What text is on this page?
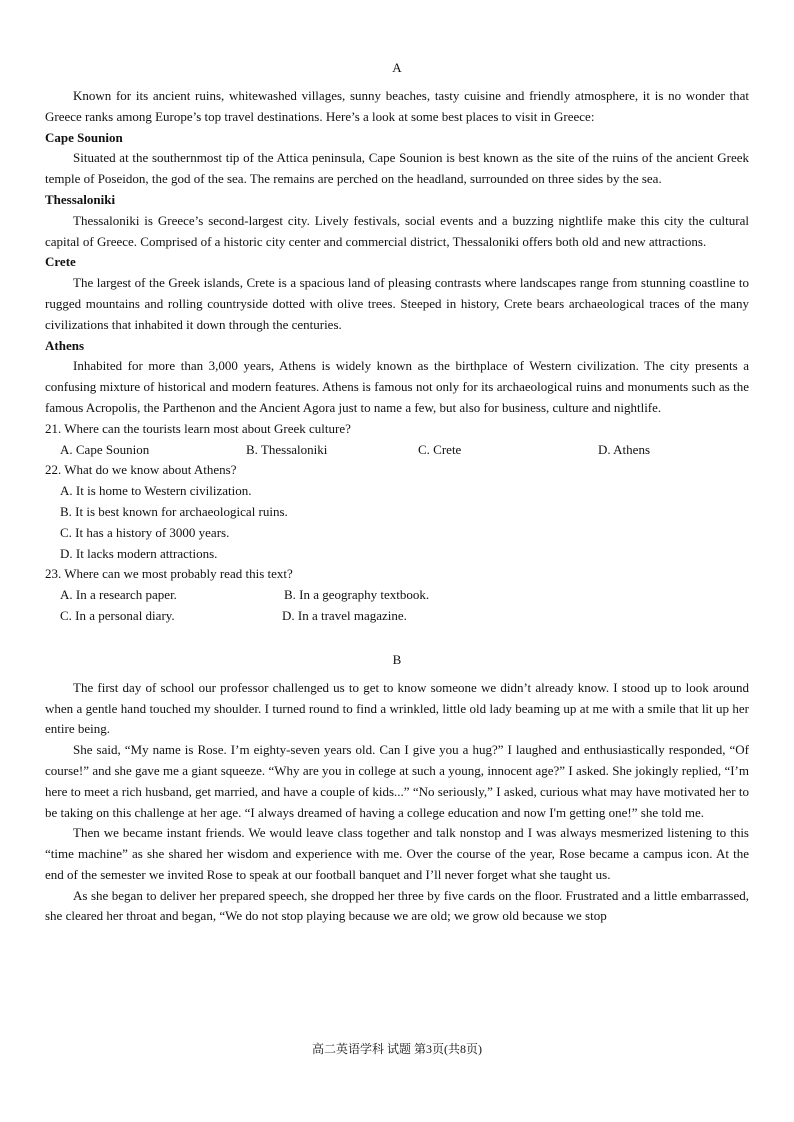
A

Known for its ancient ruins, whitewashed villages, sunny beaches, tasty cuisine and friendly atmosphere, it is no wonder that Greece ranks among Europe’s top travel destinations. Here’s a look at some best places to visit in Greece:

Cape Sounion

Situated at the southernmost tip of the Attica peninsula, Cape Sounion is best known as the site of the ruins of the ancient Greek temple of Poseidon, the god of the sea. The remains are perched on the headland, surrounded on three sides by the sea.

Thessaloniki

Thessaloniki is Greece’s second-largest city. Lively festivals, social events and a buzzing nightlife make this city the cultural capital of Greece. Comprised of a historic city center and commercial district, Thessaloniki offers both old and new attractions.

Crete

The largest of the Greek islands, Crete is a spacious land of pleasing contrasts where landscapes range from stunning coastline to rugged mountains and rolling countryside dotted with olive trees. Steeped in history, Crete bears archaeological traces of the many civilizations that inhabited it down through the centuries.

Athens

Inhabited for more than 3,000 years, Athens is widely known as the birthplace of Western civilization. The city presents a confusing mixture of historical and modern features. Athens is famous not only for its archaeological ruins and monuments such as the famous Acropolis, the Parthenon and the Ancient Agora just to name a few, but also for business, culture and nightlife.

21. Where can the tourists learn most about Greek culture?
A. Cape Sounion	B. Thessaloniki	C. Crete	D. Athens
22. What do we know about Athens?
A. It is home to Western civilization.
B. It is best known for archaeological ruins.
C. It has a history of 3000 years.
D. It lacks modern attractions.
23. Where can we most probably read this text?
A. In a research paper.	B. In a geography textbook.
C. In a personal diary.	D. In a travel magazine.
B

The first day of school our professor challenged us to get to know someone we didn’t already know. I stood up to look around when a gentle hand touched my shoulder. I turned round to find a wrinkled, little old lady beaming up at me with a smile that lit up her entire being.

She said, “My name is Rose. I’m eighty-seven years old. Can I give you a hug?” I laughed and enthusiastically responded, “Of course!” and she gave me a giant squeeze. “Why are you in college at such a young, innocent age?” I asked. She jokingly replied, “I’m here to meet a rich husband, get married, and have a couple of kids...” “No seriously,” I asked, curious what may have motivated her to be taking on this challenge at her age. “I always dreamed of having a college education and now I'm getting one!” she told me.

Then we became instant friends. We would leave class together and talk nonstop and I was always mesmerized listening to this “time machine” as she shared her wisdom and experience with me. Over the course of the year, Rose became a campus icon. At the end of the semester we invited Rose to speak at our football banquet and I’ll never forget what she taught us.

As she began to deliver her prepared speech, she dropped her three by five cards on the floor. Frustrated and a little embarrassed, she cleared her throat and began, “We do not stop playing because we are old; we grow old because we stop

高二英语学科 试题 第3页(共8页)
